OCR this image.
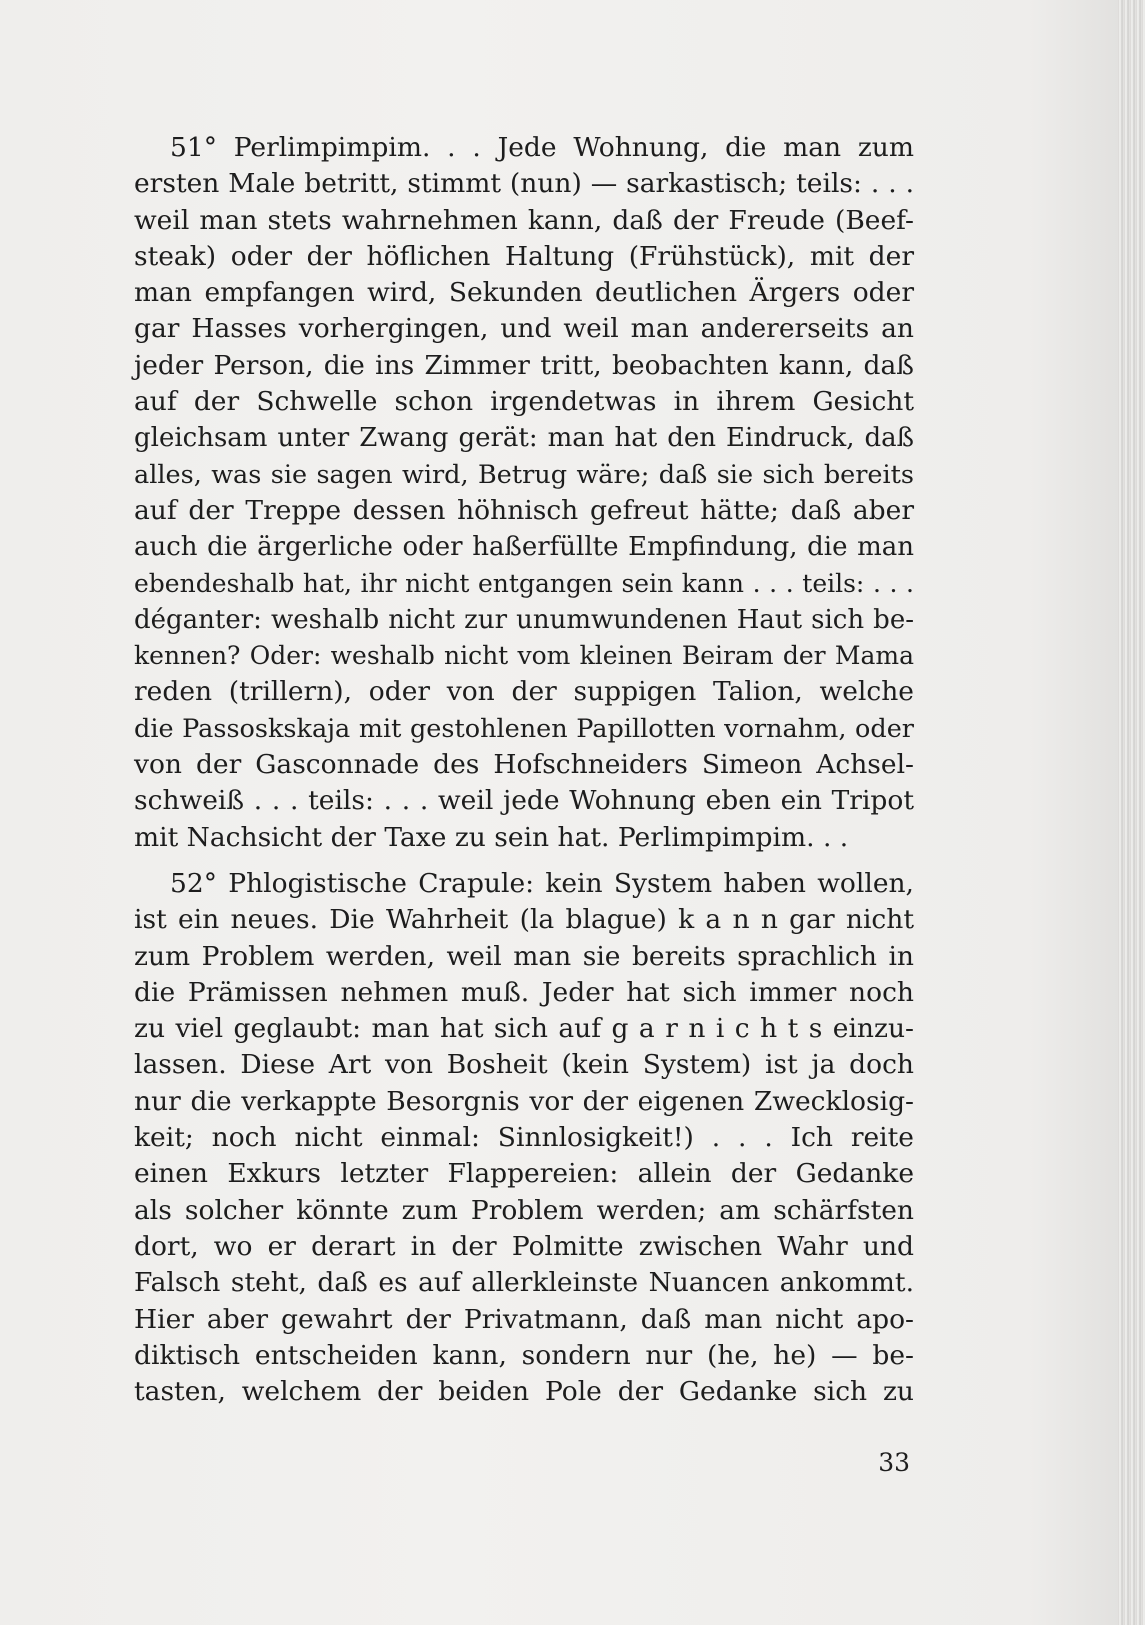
51° Perlimpimpim. . . Jede Wohnung, die man zum
ersten Male betritt, stimmt (nun) — sarkastisch; teils: . . .
weil man stets wahrnehmen kann, daß der Freude (Beef-
steak) oder der höflichen Haltung (Frühstück), mit der
man empfangen wird, Sekunden deutlichen Ärgers oder
gar Hasses vorhergingen, und weil man andererseits an
jeder Person, die ins Zimmer tritt, beobachten kann, daß
auf der Schwelle schon irgendetwas in ihrem Gesicht
gleichsam unter Zwang gerät: man hat den Eindruck, daß
alles, was sie sagen wird, Betrug wäre; daß sie sich bereits
auf der Treppe dessen höhnisch gefreut hätte; daß aber
auch die ärgerliche oder haßerfüllte Empfindung, die man
ebendeshalb hat, ihr nicht entgangen sein kann . . . teils: . . .
déganter: weshalb nicht zur unumwundenen Haut sich be-
kennen? Oder: weshalb nicht vom kleinen Beiram der Mama
reden (trillern), oder von der suppigen Talion, welche
die Passoskskaja mit gestohlenen Papillotten vornahm, oder
von der Gasconnade des Hofschneiders Simeon Achsel-
schweiß . . . teils: . . . weil jede Wohnung eben ein Tripot
mit Nachsicht der Taxe zu sein hat. Perlimpimpim. . .
52° Phlogistische Crapule: kein System haben wollen,
ist ein neues. Die Wahrheit (la blague) k a n n gar nicht
zum Problem werden, weil man sie bereits sprachlich in
die Prämissen nehmen muß. Jeder hat sich immer noch
zu viel geglaubt: man hat sich auf g a r n i c h t s einzu-
lassen. Diese Art von Bosheit (kein System) ist ja doch
nur die verkappte Besorgnis vor der eigenen Zwecklosig-
keit; noch nicht einmal: Sinnlosigkeit!) . . . Ich reite
einen Exkurs letzter Flappereien: allein der Gedanke
als solcher könnte zum Problem werden; am schärfsten
dort, wo er derart in der Polmitte zwischen Wahr und
Falsch steht, daß es auf allerkleinste Nuancen ankommt.
Hier aber gewahrt der Privatmann, daß man nicht apo-
diktisch entscheiden kann, sondern nur (he, he) — be-
tasten, welchem der beiden Pole der Gedanke sich zu
33
